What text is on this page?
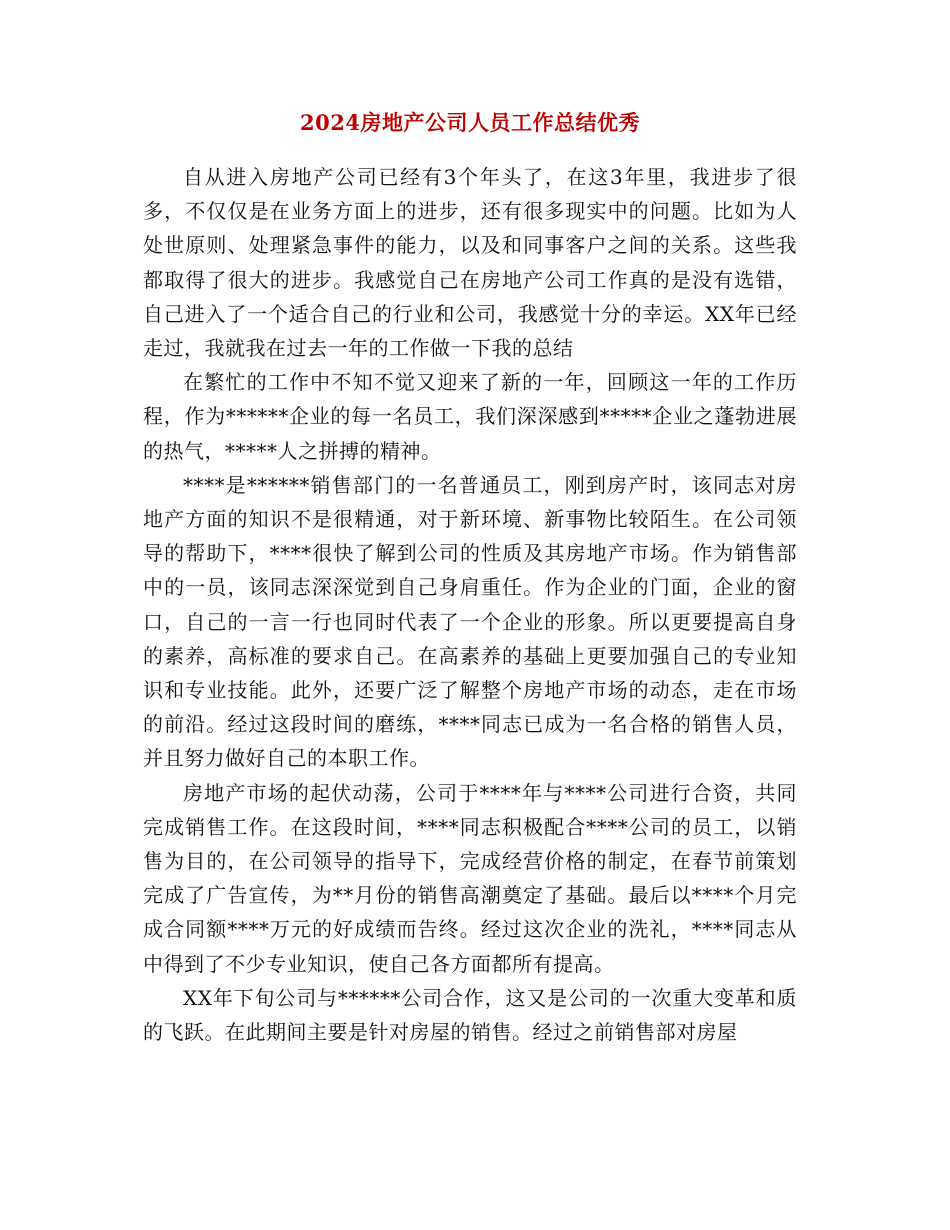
2024房地产公司人员工作总结优秀

自从进入房地产公司已经有3个年头了，在这3年里，我进步了很多，不仅仅是在业务方面上的进步，还有很多现实中的问题。比如为人处世原则、处理紧急事件的能力，以及和同事客户之间的关系。这些我都取得了很大的进步。我感觉自己在房地产公司工作真的是没有选错，自己进入了一个适合自己的行业和公司，我感觉十分的幸运。XX年已经走过，我就我在过去一年的工作做一下我的总结

在繁忙的工作中不知不觉又迎来了新的一年，回顾这一年的工作历程，作为******企业的每一名员工，我们深深感到*****企业之蓬勃进展的热气，*****人之拼搏的精神。

****是******销售部门的一名普通员工，刚到房产时，该同志对房地产方面的知识不是很精通，对于新环境、新事物比较陌生。在公司领导的帮助下，****很快了解到公司的性质及其房地产市场。作为销售部中的一员，该同志深深觉到自己身肩重任。作为企业的门面，企业的窗口，自己的一言一行也同时代表了一个企业的形象。所以更要提高自身的素养，高标准的要求自己。在高素养的基础上更要加强自己的专业知识和专业技能。此外，还要广泛了解整个房地产市场的动态，走在市场的前沿。经过这段时间的磨练，****同志已成为一名合格的销售人员，并且努力做好自己的本职工作。

房地产市场的起伏动荡，公司于****年与****公司进行合资，共同完成销售工作。在这段时间，****同志积极配合****公司的员工，以销售为目的，在公司领导的指导下，完成经营价格的制定，在春节前策划完成了广告宣传，为**月份的销售高潮奠定了基础。最后以****个月完成合同额****万元的好成绩而告终。经过这次企业的洗礼，****同志从中得到了不少专业知识，使自己各方面都所有提高。

XX年下旬公司与******公司合作，这又是公司的一次重大变革和质的飞跃。在此期间主要是针对房屋的销售。经过之前销售部对房屋
